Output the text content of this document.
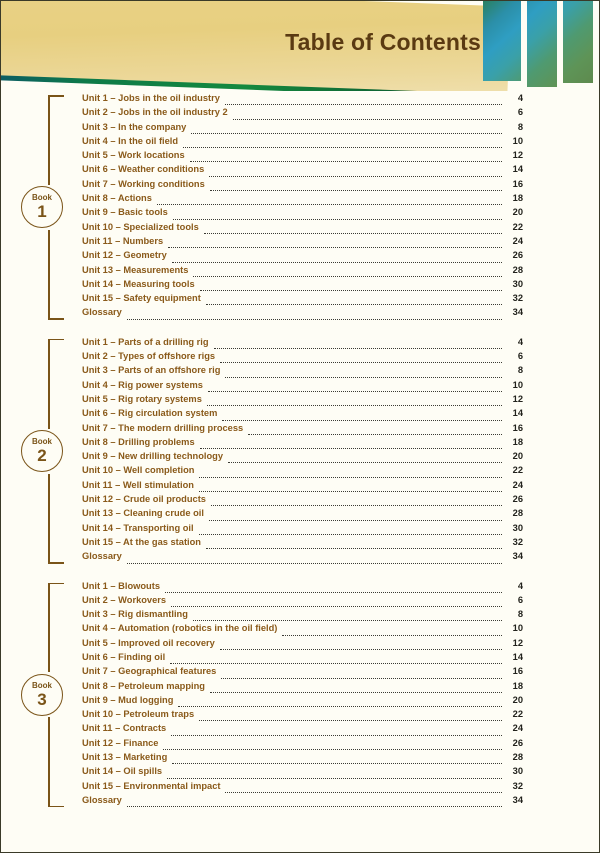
Table of Contents
Book
1
Unit 1 – Jobs in the oil industry	4
Unit 2 – Jobs in the oil industry 2	6
Unit 3 – In the company	8
Unit 4 – In the oil field	10
Unit 5 – Work locations	12
Unit 6 – Weather conditions	14
Unit 7 – Working conditions	16
Unit 8 – Actions	18
Unit 9 – Basic tools	20
Unit 10 – Specialized tools	22
Unit 11 – Numbers	24
Unit 12 – Geometry	26
Unit 13 – Measurements	28
Unit 14 – Measuring tools	30
Unit 15 – Safety equipment	32
Glossary	34
Book
2
Unit 1 – Parts of a drilling rig	4
Unit 2 – Types of offshore rigs	6
Unit 3 – Parts of an offshore rig	8
Unit 4 – Rig power systems	10
Unit 5 – Rig rotary systems	12
Unit 6 – Rig circulation system	14
Unit 7 – The modern drilling process	16
Unit 8 – Drilling problems	18
Unit 9 – New drilling technology	20
Unit 10 – Well completion	22
Unit 11 – Well stimulation	24
Unit 12 – Crude oil products	26
Unit 13 – Cleaning crude oil	28
Unit 14 – Transporting oil	30
Unit 15 – At the gas station	32
Glossary	34
Book
3
Unit 1 – Blowouts	4
Unit 2 – Workovers	6
Unit 3 – Rig dismantling	8
Unit 4 – Automation (robotics in the oil field)	10
Unit 5 – Improved oil recovery	12
Unit 6 – Finding oil	14
Unit 7 – Geographical features	16
Unit 8 – Petroleum mapping	18
Unit 9 – Mud logging	20
Unit 10 – Petroleum traps	22
Unit 11 – Contracts	24
Unit 12 – Finance	26
Unit 13 – Marketing	28
Unit 14 – Oil spills	30
Unit 15 – Environmental impact	32
Glossary	34
